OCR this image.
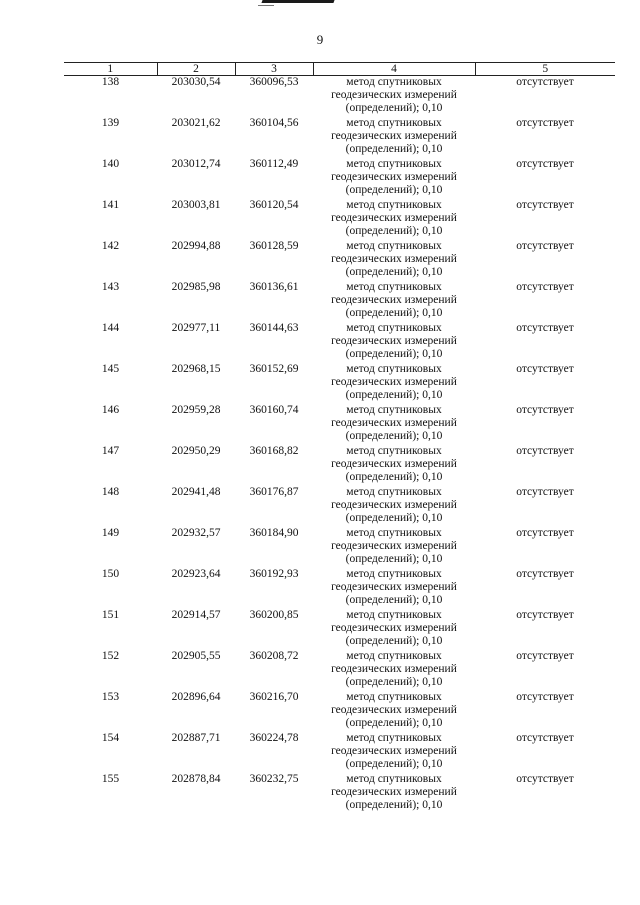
9
1	2	3	4	5
138	203030,54	360096,53	метод спутниковых
геодезических измерений
(определений); 0,10	отсутствует
139	203021,62	360104,56	метод спутниковых
геодезических измерений
(определений); 0,10	отсутствует
140	203012,74	360112,49	метод спутниковых
геодезических измерений
(определений); 0,10	отсутствует
141	203003,81	360120,54	метод спутниковых
геодезических измерений
(определений); 0,10	отсутствует
142	202994,88	360128,59	метод спутниковых
геодезических измерений
(определений); 0,10	отсутствует
143	202985,98	360136,61	метод спутниковых
геодезических измерений
(определений); 0,10	отсутствует
144	202977,11	360144,63	метод спутниковых
геодезических измерений
(определений); 0,10	отсутствует
145	202968,15	360152,69	метод спутниковых
геодезических измерений
(определений); 0,10	отсутствует
146	202959,28	360160,74	метод спутниковых
геодезических измерений
(определений); 0,10	отсутствует
147	202950,29	360168,82	метод спутниковых
геодезических измерений
(определений); 0,10	отсутствует
148	202941,48	360176,87	метод спутниковых
геодезических измерений
(определений); 0,10	отсутствует
149	202932,57	360184,90	метод спутниковых
геодезических измерений
(определений); 0,10	отсутствует
150	202923,64	360192,93	метод спутниковых
геодезических измерений
(определений); 0,10	отсутствует
151	202914,57	360200,85	метод спутниковых
геодезических измерений
(определений); 0,10	отсутствует
152	202905,55	360208,72	метод спутниковых
геодезических измерений
(определений); 0,10	отсутствует
153	202896,64	360216,70	метод спутниковых
геодезических измерений
(определений); 0,10	отсутствует
154	202887,71	360224,78	метод спутниковых
геодезических измерений
(определений); 0,10	отсутствует
155	202878,84	360232,75	метод спутниковых
геодезических измерений
(определений); 0,10	отсутствует
